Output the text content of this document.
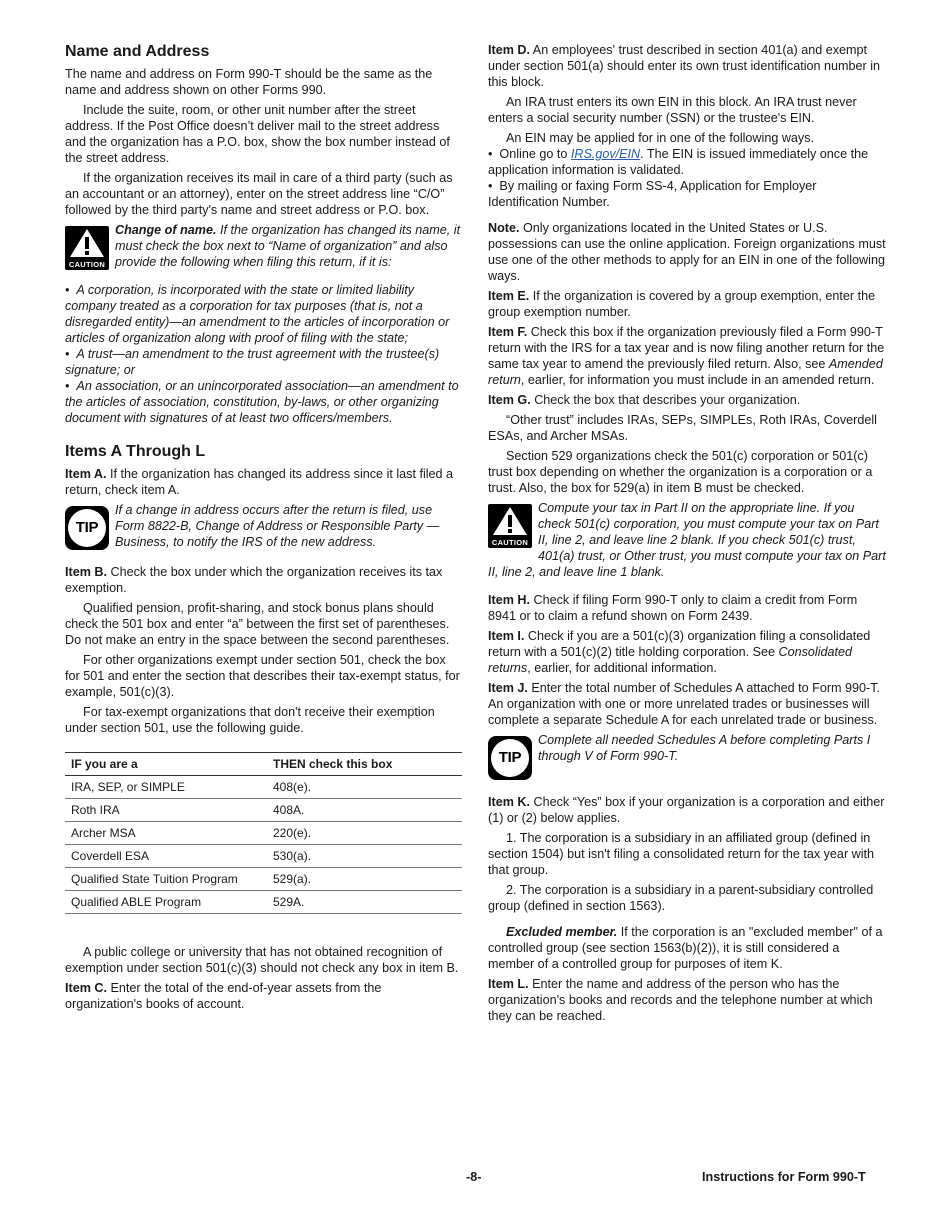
Name and Address

The name and address on Form 990-T should be the same as the name and address shown on other Forms 990.

Include the suite, room, or other unit number after the street address. If the Post Office doesn’t deliver mail to the street address and the organization has a P.O. box, show the box number instead of the street address.

If the organization receives its mail in care of a third party (such as an accountant or an attorney), enter on the street address line “C/O” followed by the third party's name and street address or P.O. box.

CAUTION
Change of name. If the organization has changed its name, it must check the box next to “Name of organization” and also provide the following when filing this return, if it is:

•  A corporation, is incorporated with the state or limited liability company treated as a corporation for tax purposes (that is, not a disregarded entity)—an amendment to the articles of incorporation or articles of organization along with proof of filing with the state;

•  A trust—an amendment to the trust agreement with the trustee(s) signature; or

•  An association, or an unincorporated association—an amendment to the articles of association, constitution, by-laws, or other organizing document with signatures of at least two officers/members.

Items A Through L

Item A. If the organization has changed its address since it last filed a return, check item A.

TIP
If a change in address occurs after the return is filed, use Form 8822-B, Change of Address or Responsible Party — Business, to notify the IRS of the new address.

Item B. Check the box under which the organization receives its tax exemption.

Qualified pension, profit-sharing, and stock bonus plans should check the 501 box and enter “a” between the first set of parentheses. Do not make an entry in the space between the second parentheses.

For other organizations exempt under section 501, check the box for 501 and enter the section that describes their tax-exempt status, for example, 501(c)(3).

For tax-exempt organizations that don't receive their exemption under section 501, use the following guide.

IF you are a	THEN check this box
IRA, SEP, or SIMPLE	408(e).
Roth IRA	408A.
Archer MSA	220(e).
Coverdell ESA	530(a).
Qualified State Tuition Program	529(a).
Qualified ABLE Program	529A.

A public college or university that has not obtained recognition of exemption under section 501(c)(3) should not check any box in item B.

Item C. Enter the total of the end-of-year assets from the organization's books of account.

Item D. An employees' trust described in section 401(a) and exempt under section 501(a) should enter its own trust identification number in this block.

An IRA trust enters its own EIN in this block. An IRA trust never enters a social security number (SSN) or the trustee's EIN.

An EIN may be applied for in one of the following ways.

•  Online go to IRS.gov/EIN. The EIN is issued immediately once the application information is validated.

•  By mailing or faxing Form SS-4, Application for Employer Identification Number.

Note. Only organizations located in the United States or U.S. possessions can use the online application. Foreign organizations must use one of the other methods to apply for an EIN in one of the following ways.

Item E. If the organization is covered by a group exemption, enter the group exemption number.

Item F. Check this box if the organization previously filed a Form 990-T return with the IRS for a tax year and is now filing another return for the same tax year to amend the previously filed return. Also, see Amended return, earlier, for information you must include in an amended return.

Item G. Check the box that describes your organization.

“Other trust” includes IRAs, SEPs, SIMPLEs, Roth IRAs, Coverdell ESAs, and Archer MSAs.

Section 529 organizations check the 501(c) corporation or 501(c) trust box depending on whether the organization is a corporation or a trust. Also, the box for 529(a) in item B must be checked.

CAUTION
Compute your tax in Part II on the appropriate line. If you check 501(c) corporation, you must compute your tax on Part II, line 2, and leave line 2 blank. If you check 501(c) trust, 401(a) trust, or Other trust, you must compute your tax on Part II, line 2, and leave line 1 blank.

Item H. Check if filing Form 990-T only to claim a credit from Form 8941 or to claim a refund shown on Form 2439.

Item I. Check if you are a 501(c)(3) organization filing a consolidated return with a 501(c)(2) title holding corporation. See Consolidated returns, earlier, for additional information.

Item J. Enter the total number of Schedules A attached to Form 990-T. An organization with one or more unrelated trades or businesses will complete a separate Schedule A for each unrelated trade or business.

TIP
Complete all needed Schedules A before completing Parts I through V of Form 990-T.

Item K. Check “Yes” box if your organization is a corporation and either (1) or (2) below applies.

1. The corporation is a subsidiary in an affiliated group (defined in section 1504) but isn't filing a consolidated return for the tax year with that group.

2. The corporation is a subsidiary in a parent-subsidiary controlled group (defined in section 1563).

Excluded member. If the corporation is an "excluded member" of a controlled group (see section 1563(b)(2)), it is still considered a member of a controlled group for purposes of item K.

Item L. Enter the name and address of the person who has the organization's books and records and the telephone number at which they can be reached.

-8-	Instructions for Form 990-T
